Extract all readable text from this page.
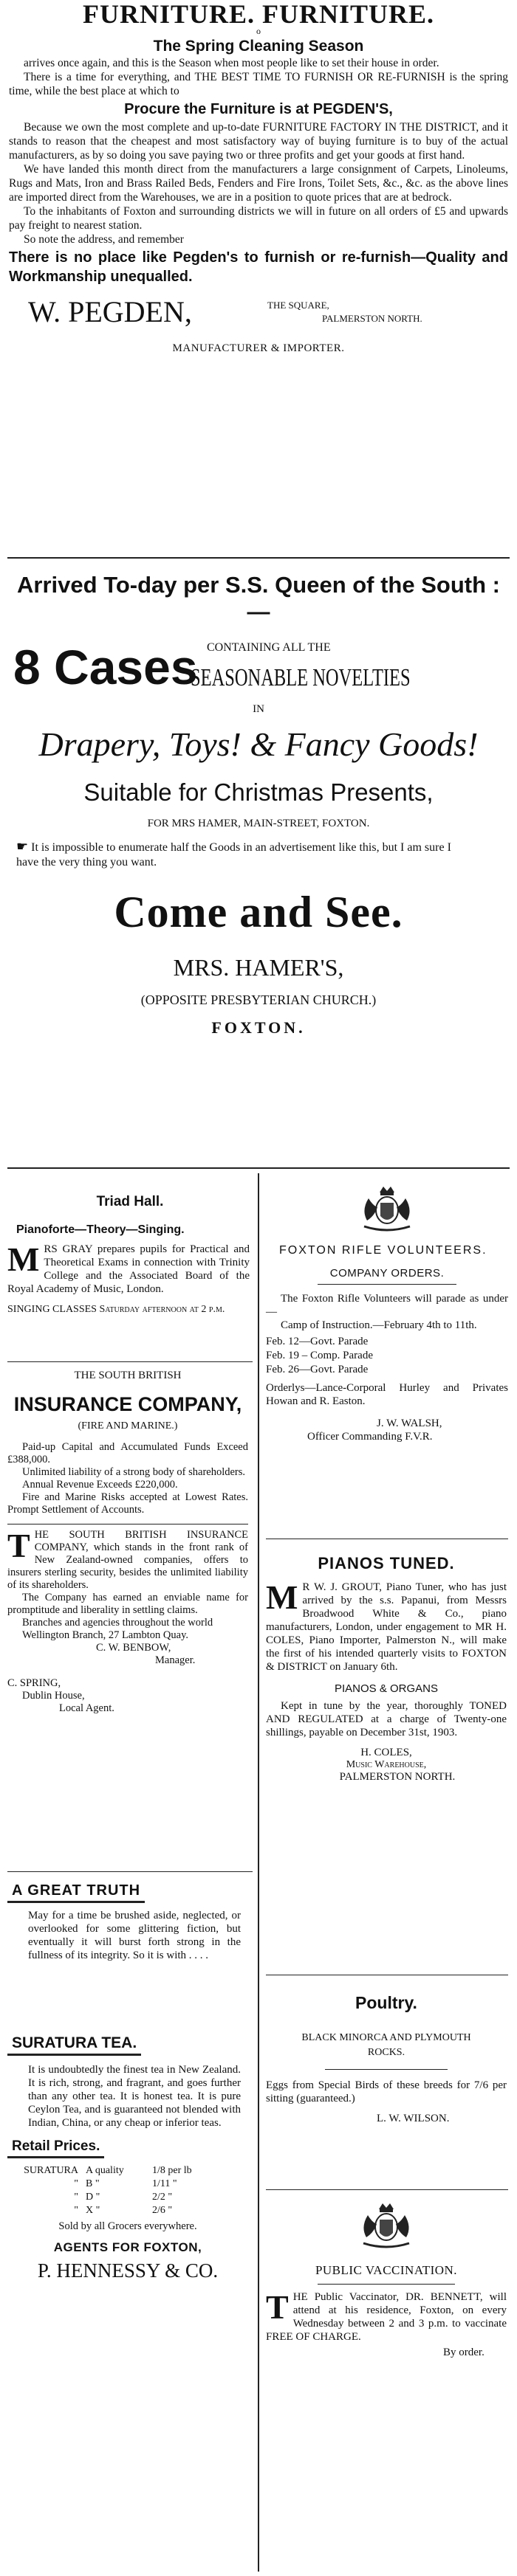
FURNITURE. FURNITURE.
o
The Spring Cleaning Season

arrives once again, and this is the Season when most people like to set their house in order.

There is a time for everything, and THE BEST TIME TO FURNISH OR RE-FURNISH is the spring time, while the best place at which to

Procure the Furniture is at PEGDEN'S,

Because we own the most complete and up-to-date FURNITURE FACTORY IN THE DISTRICT, and it stands to reason that the cheapest and most satisfactory way of buying furniture is to buy of the actual manufacturers, as by so doing you save paying two or three profits and get your goods at first hand.

We have landed this month direct from the manufacturers a large consignment of Carpets, Linoleums, Rugs and Mats, Iron and Brass Railed Beds, Fenders and Fire Irons, Toilet Sets, &c., &c. as the above lines are imported direct from the Warehouses, we are in a position to quote prices that are at bedrock.

To the inhabitants of Foxton and surrounding districts we will in future on all orders of £5 and upwards pay freight to nearest station.

So note the address, and remember

There is no place like Pegden's to furnish or re-furnish—Quality and Workmanship unequalled.

W. PEGDEN,	THE SQUARE,
PALMERSTON NORTH.
MANUFACTURER & IMPORTER.
Arrived To-day per S.S. Queen of the South :—
8 Cases CONTAINING ALL THE
SEASONABLE NOVELTIES
IN
Drapery, Toys! & Fancy Goods!
Suitable for Christmas Presents,
FOR MRS HAMER, MAIN-STREET, FOXTON.
☛ It is impossible to enumerate half the Goods in an advertisement like this, but I am sure I have the very thing you want.
Come and See.
MRS. HAMER'S,
(OPPOSITE PRESBYTERIAN CHURCH.)
FOXTON.
Triad Hall.
Pianoforte—Theory—Singing.
MRS GRAY prepares pupils for Practical and Theoretical Exams in connection with Trinity College and the Associated Board of the Royal Academy of Music, London.

SINGING CLASSES Saturday afternoon at 2 p.m.

THE SOUTH BRITISH
INSURANCE COMPANY,
(FIRE AND MARINE.)

Paid-up Capital and Accumulated Funds Exceed £388,000.

Unlimited liability of a strong body of shareholders.

Annual Revenue Exceeds £220,000.

Fire and Marine Risks accepted at Lowest Rates. Prompt Settlement of Accounts.

THE SOUTH BRITISH INSURANCE COMPANY, which stands in the front rank of New Zealand-owned companies, offers to insurers sterling security, besides the unlimited liability of its shareholders.

The Company has earned an enviable name for promptitude and liberality in settling claims.

Branches and agencies throughout the world

Wellington Branch, 27 Lambton Quay.

C. W. BENBOW,

Manager.

C. SPRING,

Dublin House,

Local Agent.

A GREAT TRUTH

May for a time be brushed aside, neglected, or overlooked for some glittering fiction, but eventually it will burst forth strong in the fullness of its integrity. So it is with . . . .

SURATURA TEA.

It is undoubtedly the finest tea in New Zealand. It is rich, strong, and fragrant, and goes further than any other tea. It is honest tea. It is pure Ceylon Tea, and is guaranteed not blended with Indian, China, or any cheap or inferior teas.

Retail Prices.
SURATURA	A quality	1/8 per lb
"	B "	1/11 "
"	D "	2/2 "
"	X "	2/6 "

Sold by all Grocers everywhere.

AGENTS FOR FOXTON,

P. HENNESSY & CO.

FOXTON RIFLE VOLUNTEERS.

COMPANY ORDERS.

The Foxton Rifle Volunteers will parade as under—

Camp of Instruction.—February 4th to 11th.

Feb. 12—Govt. Parade
Feb. 19 – Comp. Parade
Feb. 26—Govt. Parade

Orderlys—Lance-Corporal Hurley and Privates Howan and R. Easton.

J. W. WALSH,

Officer Commanding F.V.R.

PIANOS TUNED.
M R W. J. GROUT, Piano Tuner, who has just arrived by the s.s. Papanui, from Messrs Broadwood White & Co., piano manufacturers, London, under engagement to MR H. COLES, Piano Importer, Palmerston N., will make the first of his intended quarterly visits to FOXTON & DISTRICT on January 6th.

PIANOS & ORGANS

Kept in tune by the year, thoroughly TONED AND REGULATED at a charge of Twenty-one shillings, payable on December 31st, 1903.

H. COLES,

Music Warehouse,

PALMERSTON NORTH.

Poultry.

BLACK MINORCA AND PLYMOUTH ROCKS.

Eggs from Special Birds of these breeds for 7/6 per sitting (guaranteed.)

L. W. WILSON.

PUBLIC VACCINATION.

THE Public Vaccinator, DR. BENNETT, will attend at his residence, Foxton, on every Wednesday between 2 and 3 p.m. to vaccinate FREE OF CHARGE.

By order.
